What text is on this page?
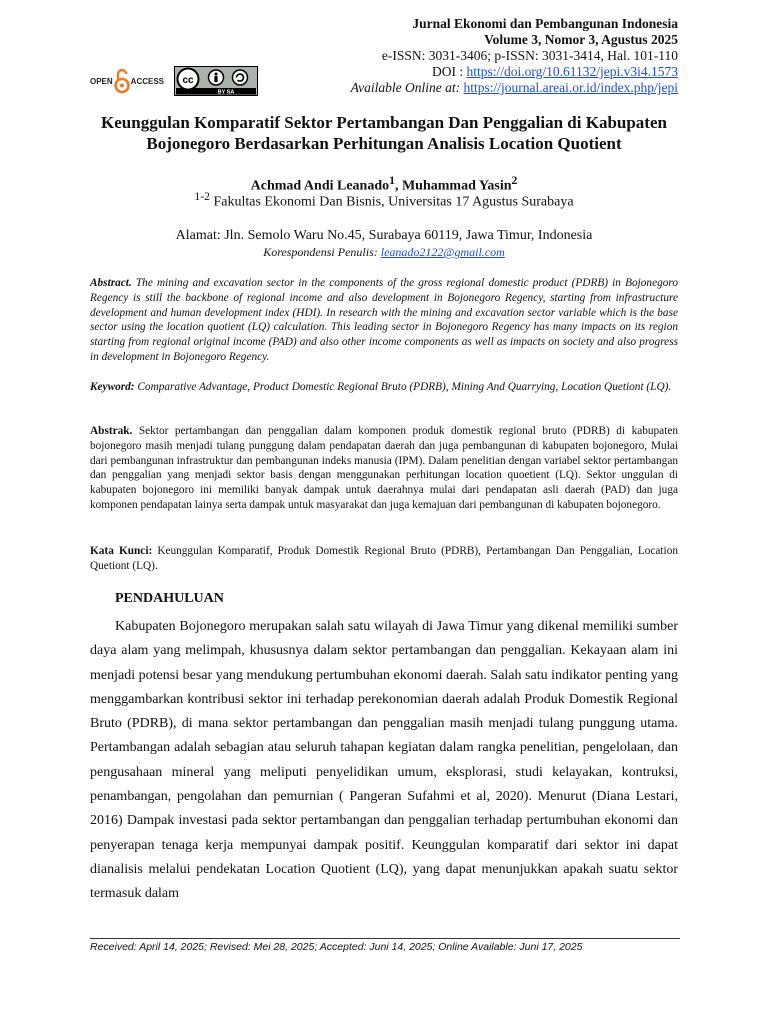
Jurnal Ekonomi dan Pembangunan Indonesia
Volume 3, Nomor 3, Agustus 2025
e-ISSN: 3031-3406; p-ISSN: 3031-3414, Hal. 101-110
DOI : https://doi.org/10.61132/jepi.v3i4.1573
Available Online at: https://journal.areai.or.id/index.php/jepi
OPEN ACCESS cc
BY SA
Keunggulan Komparatif Sektor Pertambangan Dan Penggalian di Kabupaten Bojonegoro Berdasarkan Perhitungan Analisis Location Quotient
Achmad Andi Leanado$^1$, Muhammad Yasin$^2$
$^{1-2}$ Fakultas Ekonomi Dan Bisnis, Universitas 17 Agustus Surabaya
Alamat: Jln. Semolo Waru No.45, Surabaya 60119, Jawa Timur, Indonesia
Korespondensi Penulis: leanado2122@gmail.com
Abstract. The mining and excavation sector in the components of the gross regional domestic product (PDRB) in Bojonegoro Regency is still the backbone of regional income and also development in Bojonegoro Regency, starting from infrastructure development and human development index (HDI). In research with the mining and excavation sector variable which is the base sector using the location quotient (LQ) calculation. This leading sector in Bojonegoro Regency has many impacts on its region starting from regional original income (PAD) and also other income components as well as impacts on society and also progress in development in Bojonegoro Regency.
Keyword: Comparative Advantage, Product Domestic Regional Bruto (PDRB), Mining And Quarrying, Location Quetiont (LQ).
Abstrak. Sektor pertambangan dan penggalian dalam komponen produk domestik regional bruto (PDRB) di kabupaten bojonegoro masih menjadi tulang punggung dalam pendapatan daerah dan juga pembangunan di kabupaten bojonegoro, Mulai dari pembangunan infrastruktur dan pembangunan indeks manusia (IPM). Dalam penelitian dengan variabel sektor pertambangan dan penggalian yang menjadi sektor basis dengan menggunakan perhitungan location quoetient (LQ). Sektor unggulan di kabupaten bojonegoro ini memiliki banyak dampak untuk daerahnya mulai dari pendapatan asli daerah (PAD) dan juga komponen pendapatan lainya serta dampak untuk masyarakat dan juga kemajuan dari pembangunan di kabupaten bojonegoro.
Kata Kunci: Keunggulan Komparatif, Produk Domestik Regional Bruto (PDRB), Pertambangan Dan Penggalian, Location Quetiont (LQ).
PENDAHULUAN
Kabupaten Bojonegoro merupakan salah satu wilayah di Jawa Timur yang dikenal memiliki sumber daya alam yang melimpah, khususnya dalam sektor pertambangan dan penggalian. Kekayaan alam ini menjadi potensi besar yang mendukung pertumbuhan ekonomi daerah. Salah satu indikator penting yang menggambarkan kontribusi sektor ini terhadap perekonomian daerah adalah Produk Domestik Regional Bruto (PDRB), di mana sektor pertambangan dan penggalian masih menjadi tulang punggung utama. Pertambangan adalah sebagian atau seluruh tahapan kegiatan dalam rangka penelitian, pengelolaan, dan pengusahaan mineral yang meliputi penyelidikan umum, eksplorasi, studi kelayakan, kontruksi, penambangan, pengolahan dan pemurnian ( Pangeran Sufahmi et al, 2020). Menurut (Diana Lestari, 2016) Dampak investasi pada sektor pertambangan dan penggalian terhadap pertumbuhan ekonomi dan penyerapan tenaga kerja mempunyai dampak positif. Keunggulan komparatif dari sektor ini dapat dianalisis melalui pendekatan Location Quotient (LQ), yang dapat menunjukkan apakah suatu sektor termasuk dalam
Received: April 14, 2025; Revised: Mei 28, 2025; Accepted: Juni 14, 2025; Online Available: Juni 17, 2025
